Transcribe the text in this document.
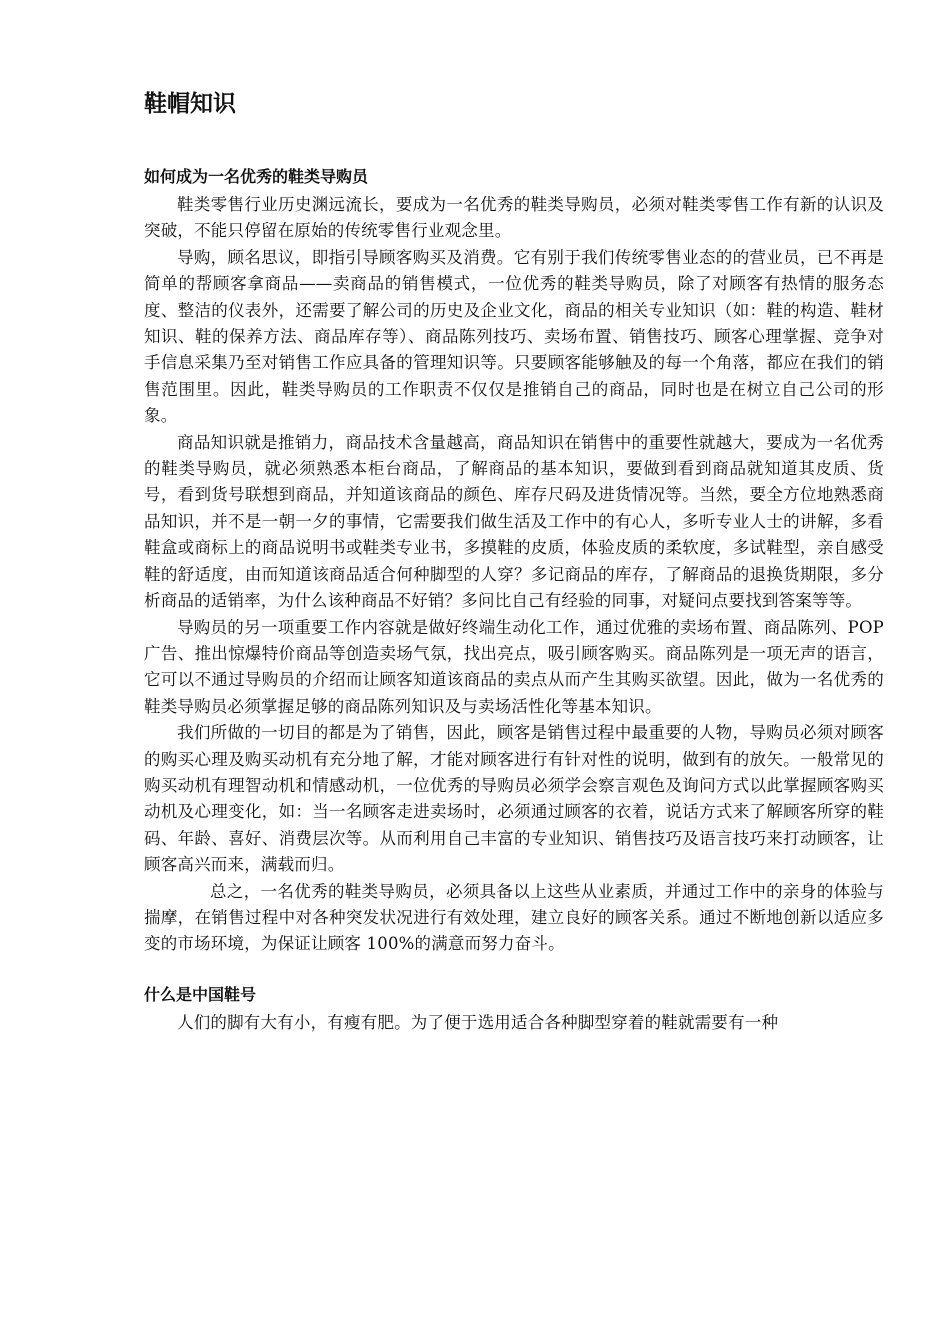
鞋帽知识
如何成为一名优秀的鞋类导购员

鞋类零售行业历史渊远流长，要成为一名优秀的鞋类导购员，必须对鞋类零售工作有新的认识及突破，不能只停留在原始的传统零售行业观念里。

导购，顾名思议，即指引导顾客购买及消费。它有别于我们传统零售业态的的营业员，已不再是简单的帮顾客拿商品——卖商品的销售模式，一位优秀的鞋类导购员，除了对顾客有热情的服务态度、整洁的仪表外，还需要了解公司的历史及企业文化，商品的相关专业知识（如：鞋的构造、鞋材知识、鞋的保养方法、商品库存等）、商品陈列技巧、卖场布置、销售技巧、顾客心理掌握、竞争对手信息采集乃至对销售工作应具备的管理知识等。只要顾客能够触及的每一个角落，都应在我们的销售范围里。因此，鞋类导购员的工作职责不仅仅是推销自己的商品，同时也是在树立自己公司的形象。

商品知识就是推销力，商品技术含量越高，商品知识在销售中的重要性就越大，要成为一名优秀的鞋类导购员，就必须熟悉本柜台商品，了解商品的基本知识，要做到看到商品就知道其皮质、货号，看到货号联想到商品，并知道该商品的颜色、库存尺码及进货情况等。当然，要全方位地熟悉商品知识，并不是一朝一夕的事情，它需要我们做生活及工作中的有心人，多听专业人士的讲解，多看鞋盒或商标上的商品说明书或鞋类专业书，多摸鞋的皮质，体验皮质的柔软度，多试鞋型，亲自感受鞋的舒适度，由而知道该商品适合何种脚型的人穿？多记商品的库存，了解商品的退换货期限，多分析商品的适销率，为什么该种商品不好销？多问比自己有经验的同事，对疑问点要找到答案等等。

导购员的另一项重要工作内容就是做好终端生动化工作，通过优雅的卖场布置、商品陈列、POP 广告、推出惊爆特价商品等创造卖场气氛，找出亮点，吸引顾客购买。商品陈列是一项无声的语言，它可以不通过导购员的介绍而让顾客知道该商品的卖点从而产生其购买欲望。因此，做为一名优秀的鞋类导购员必须掌握足够的商品陈列知识及与卖场活性化等基本知识。

我们所做的一切目的都是为了销售，因此，顾客是销售过程中最重要的人物，导购员必须对顾客的购买心理及购买动机有充分地了解，才能对顾客进行有针对性的说明，做到有的放矢。一般常见的购买动机有理智动机和情感动机，一位优秀的导购员必须学会察言观色及询问方式以此掌握顾客购买动机及心理变化，如：当一名顾客走进卖场时，必须通过顾客的衣着，说话方式来了解顾客所穿的鞋码、年龄、喜好、消费层次等。从而利用自己丰富的专业知识、销售技巧及语言技巧来打动顾客，让顾客高兴而来，满载而归。

总之，一名优秀的鞋类导购员，必须具备以上这些从业素质，并通过工作中的亲身的体验与揣摩，在销售过程中对各种突发状况进行有效处理，建立良好的顾客关系。通过不断地创新以适应多变的市场环境，为保证让顾客 100%的满意而努力奋斗。

什么是中国鞋号

人们的脚有大有小，有瘦有肥。为了便于选用适合各种脚型穿着的鞋就需要有一种
